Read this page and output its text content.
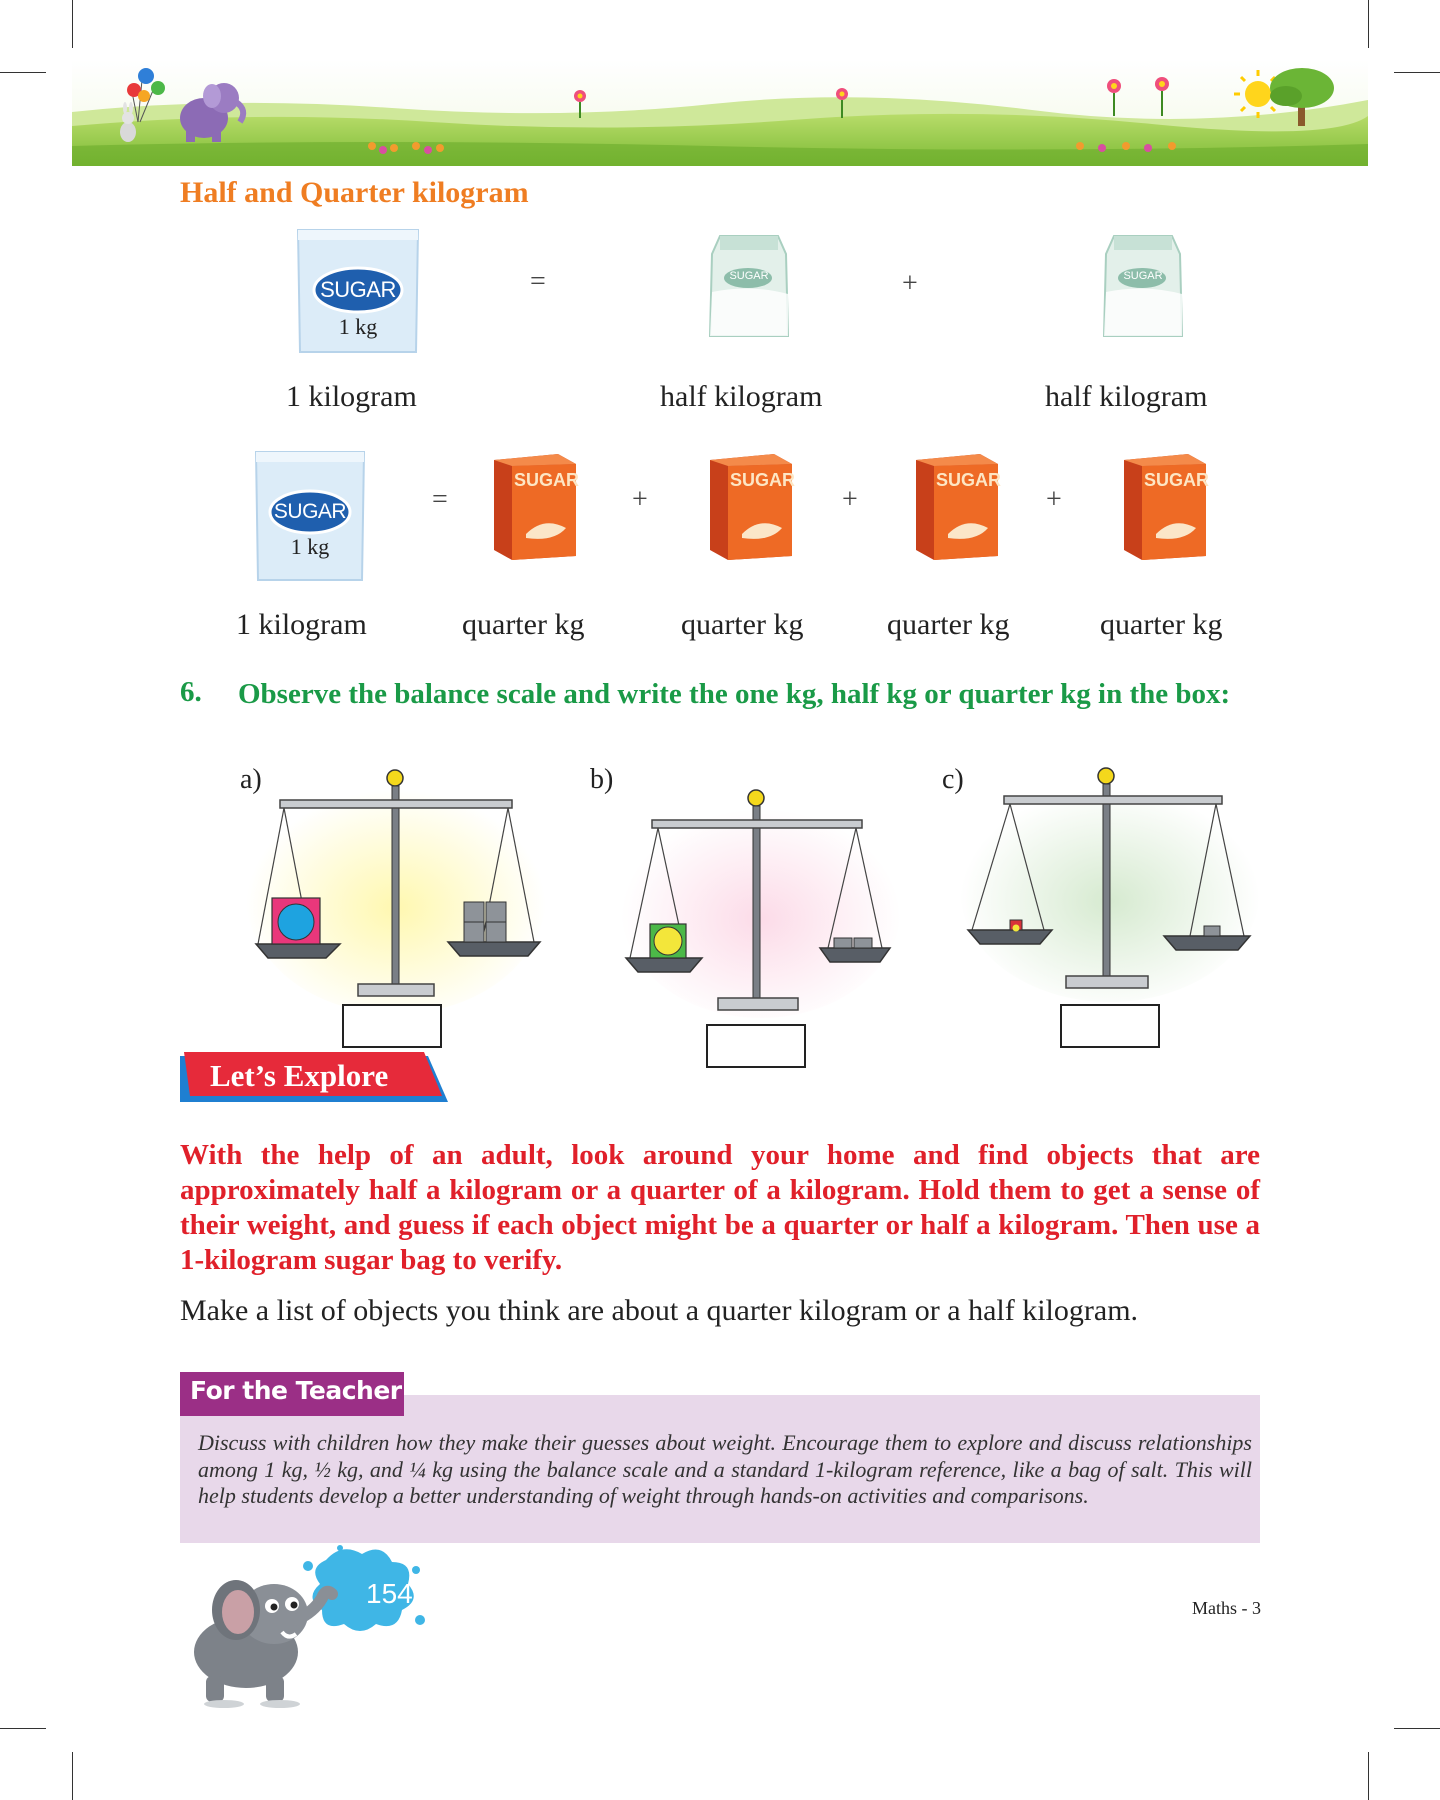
Half and Quarter kilogram
SUGAR
1 kg
=	SUGAR	+	SUGAR
1 kilogram	half kilogram	half kilogram
SUGAR
1 kg
=
SUGAR
+
SUGAR
+
SUGAR
+
SUGAR
1 kilogram	quarter kg	quarter kg	quarter kg	quarter kg
6. Observe the balance scale and write the one kg, half kg or quarter kg in the box:
a)	b)	c)
Let’s Explore
With the help of an adult, look around your home and find objects that are approximately half a kilogram or a quarter of a kilogram. Hold them to get a sense of their weight, and guess if each object might be a quarter or half a kilogram. Then use a 1-kilogram sugar bag to verify.
Make a list of objects you think are about a quarter kilogram or a half kilogram.
For the Teacher
Discuss with children how they make their guesses about weight. Encourage them to explore and discuss relationships among 1 kg, ½ kg, and ¼ kg using the balance scale and a standard 1-kilogram reference, like a bag of salt. This will help students develop a better understanding of weight through hands-on activities and comparisons.
154	Maths - 3
